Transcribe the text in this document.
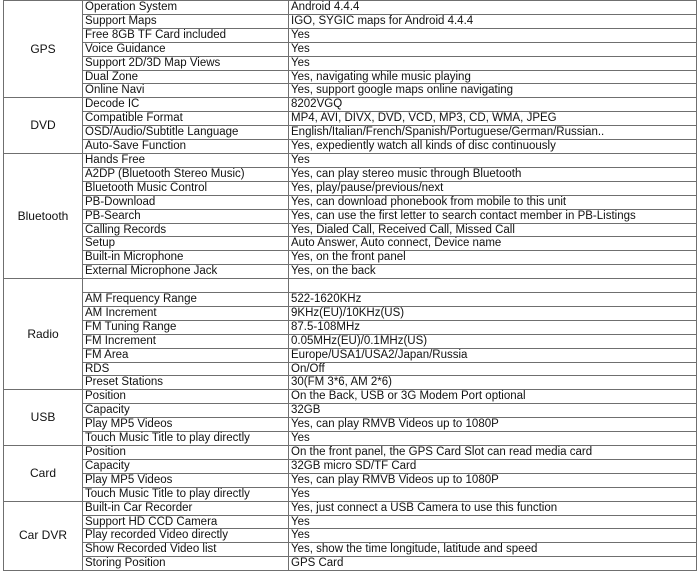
GPS	Operation System	Android 4.4.4
	Support Maps	IGO, SYGIC maps for Android 4.4.4
	Free 8GB TF Card included	Yes
	Voice Guidance	Yes
	Support 2D/3D Map Views	Yes
	Dual Zone	Yes, navigating while music playing
	Online Navi	Yes, support google maps online navigating
DVD	Decode IC	8202VGQ
	Compatible Format	MP4, AVI, DIVX, DVD, VCD, MP3, CD, WMA, JPEG
	OSD/Audio/Subtitle Language	English/Italian/French/Spanish/Portuguese/German/Russian..
	Auto-Save Function	Yes, expediently watch all kinds of disc continuously
Bluetooth	Hands Free	Yes
	A2DP (Bluetooth Stereo Music)	Yes, can play stereo music through Bluetooth
	Bluetooth Music Control	Yes, play/pause/previous/next
	PB-Download	Yes, can download phonebook from mobile to this unit
	PB-Search	Yes, can use the first letter to search contact member in PB-Listings
	Calling Records	Yes, Dialed Call, Received Call, Missed Call
	Setup	Auto Answer, Auto connect, Device name
	Built-in Microphone	Yes, on the front panel
	External Microphone Jack	Yes, on the back
Radio		
	AM Frequency Range	522-1620KHz
	AM Increment	9KHz(EU)/10KHz(US)
	FM Tuning Range	87.5-108MHz
	FM Increment	0.05MHz(EU)/0.1MHz(US)
	FM Area	Europe/USA1/USA2/Japan/Russia
	RDS	On/Off
	Preset Stations	30(FM 3*6, AM 2*6)
USB	Position	On the Back, USB or 3G Modem Port optional
	Capacity	32GB
	Play MP5 Videos	Yes, can play RMVB Videos up to 1080P
	Touch Music Title to play directly	Yes
Card	Position	On the front panel, the GPS Card Slot can read media card
	Capacity	32GB micro SD/TF Card
	Play MP5 Videos	Yes, can play RMVB Videos up to 1080P
	Touch Music Title to play directly	Yes
Car DVR	Built-in Car Recorder	Yes, just connect a USB Camera to use this function
	Support HD CCD Camera	Yes
	Play recorded Video directly	Yes
	Show Recorded Video list	Yes, show the time longitude, latitude and speed
	Storing Position	GPS Card
